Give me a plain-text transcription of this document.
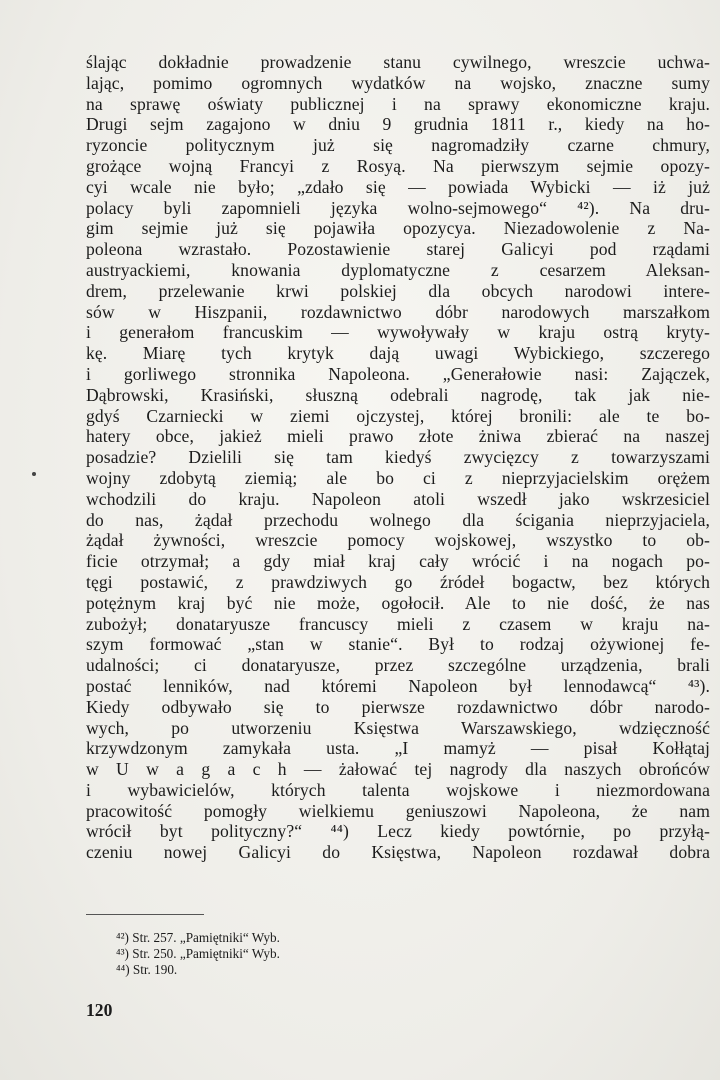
ślając dokładnie prowadzenie stanu cywilnego, wreszcie uchwa-
lając, pomimo ogromnych wydatków na wojsko, znaczne sumy
na sprawę oświaty publicznej i na sprawy ekonomiczne kraju.
Drugi sejm zagajono w dniu 9 grudnia 1811 r., kiedy na ho-
ryzoncie politycznym już się nagromadziły czarne chmury,
grożące wojną Francyi z Rosyą. Na pierwszym sejmie opozy-
cyi wcale nie było; „zdało się — powiada Wybicki — iż już
polacy byli zapomnieli języka wolno-sejmowego“ ⁴²). Na dru-
gim sejmie już się pojawiła opozycya. Niezadowolenie z Na-
poleona wzrastało. Pozostawienie starej Galicyi pod rządami
austryackiemi, knowania dyplomatyczne z cesarzem Aleksan-
drem, przelewanie krwi polskiej dla obcych narodowi intere-
sów w Hiszpanii, rozdawnictwo dóbr narodowych marszałkom
i generałom francuskim — wywoływały w kraju ostrą kryty-
kę. Miarę tych krytyk dają uwagi Wybickiego, szczerego
i gorliwego stronnika Napoleona. „Generałowie nasi: Zajączek,
Dąbrowski, Krasiński, słuszną odebrali nagrodę, tak jak nie-
gdyś Czarniecki w ziemi ojczystej, której bronili: ale te bo-
hatery obce, jakież mieli prawo złote żniwa zbierać na naszej
posadzie? Dzielili się tam kiedyś zwycięzcy z towarzyszami
wojny zdobytą ziemią; ale bo ci z nieprzyjacielskim orężem
wchodzili do kraju. Napoleon atoli wszedł jako wskrzesiciel
do nas, żądał przechodu wolnego dla ścigania nieprzyjaciela,
żądał żywności, wreszcie pomocy wojskowej, wszystko to ob-
ficie otrzymał; a gdy miał kraj cały wrócić i na nogach po-
tęgi postawić, z prawdziwych go źródeł bogactw, bez których
potężnym kraj być nie może, ogołocił. Ale to nie dość, że nas
zubożył; donataryusze francuscy mieli z czasem w kraju na-
szym formować „stan w stanie“. Był to rodzaj ożywionej fe-
udalności; ci donataryusze, przez szczególne urządzenia, brali
postać lenników, nad któremi Napoleon był lennodawcą“ ⁴³).
Kiedy odbywało się to pierwsze rozdawnictwo dóbr narodo-
wych, po utworzeniu Księstwa Warszawskiego, wdzięczność
krzywdzonym zamykała usta. „I mamyż — pisał Kołłątaj
w U w a g a c h — żałować tej nagrody dla naszych obrońców
i wybawicielów, których talenta wojskowe i niezmordowana
pracowitość pomogły wielkiemu geniuszowi Napoleona, że nam
wrócił byt polityczny?“ ⁴⁴) Lecz kiedy powtórnie, po przyłą-
czeniu nowej Galicyi do Księstwa, Napoleon rozdawał dobra
⁴²) Str. 257. „Pamiętniki“ Wyb.
⁴³) Str. 250. „Pamiętniki“ Wyb.
⁴⁴) Str. 190.
120
